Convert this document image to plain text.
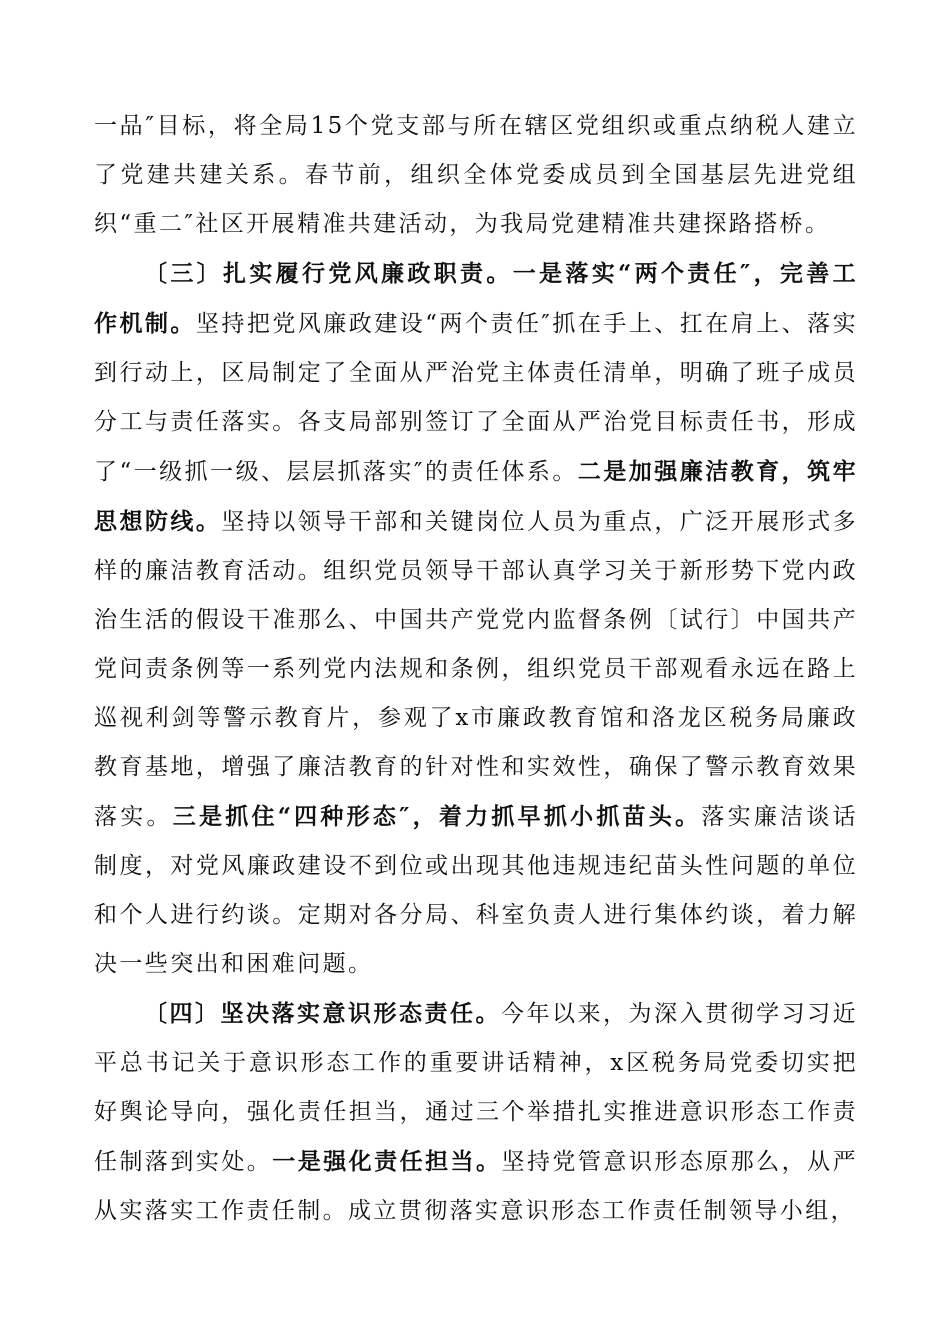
一品″目标，将全局15个党支部与所在辖区党组织或重点纳税人建立了党建共建关系。春节前，组织全体党委成员到全国基层先进党组织“重二″社区开展精准共建活动，为我局党建精准共建探路搭桥。

〔三〕扎实履行党风廉政职责。一是落实“两个责任″，完善工作机制。坚持把党风廉政建设“两个责任″抓在手上、扛在肩上、落实到行动上，区局制定了全面从严治党主体责任清单，明确了班子成员分工与责任落实。各支局部别签订了全面从严治党目标责任书，形成了“一级抓一级、层层抓落实″的责任体系。二是加强廉洁教育，筑牢思想防线。坚持以领导干部和关键岗位人员为重点，广泛开展形式多样的廉洁教育活动。组织党员领导干部认真学习关于新形势下党内政治生活的假设干准那么、中国共产党党内监督条例〔试行〕中国共产党问责条例等一系列党内法规和条例，组织党员干部观看永远在路上巡视利剑等警示教育片，参观了x市廉政教育馆和洛龙区税务局廉政教育基地，增强了廉洁教育的针对性和实效性，确保了警示教育效果落实。三是抓住“四种形态″，着力抓早抓小抓苗头。落实廉洁谈话制度，对党风廉政建设不到位或出现其他违规违纪苗头性问题的单位和个人进行约谈。定期对各分局、科室负责人进行集体约谈，着力解决一些突出和困难问题。

〔四〕坚决落实意识形态责任。今年以来，为深入贯彻学习习近平总书记关于意识形态工作的重要讲话精神，x区税务局党委切实把好舆论导向，强化责任担当，通过三个举措扎实推进意识形态工作责任制落到实处。一是强化责任担当。坚持党管意识形态原那么，从严从实落实工作责任制。成立贯彻落实意识形态工作责任制领导小组，
